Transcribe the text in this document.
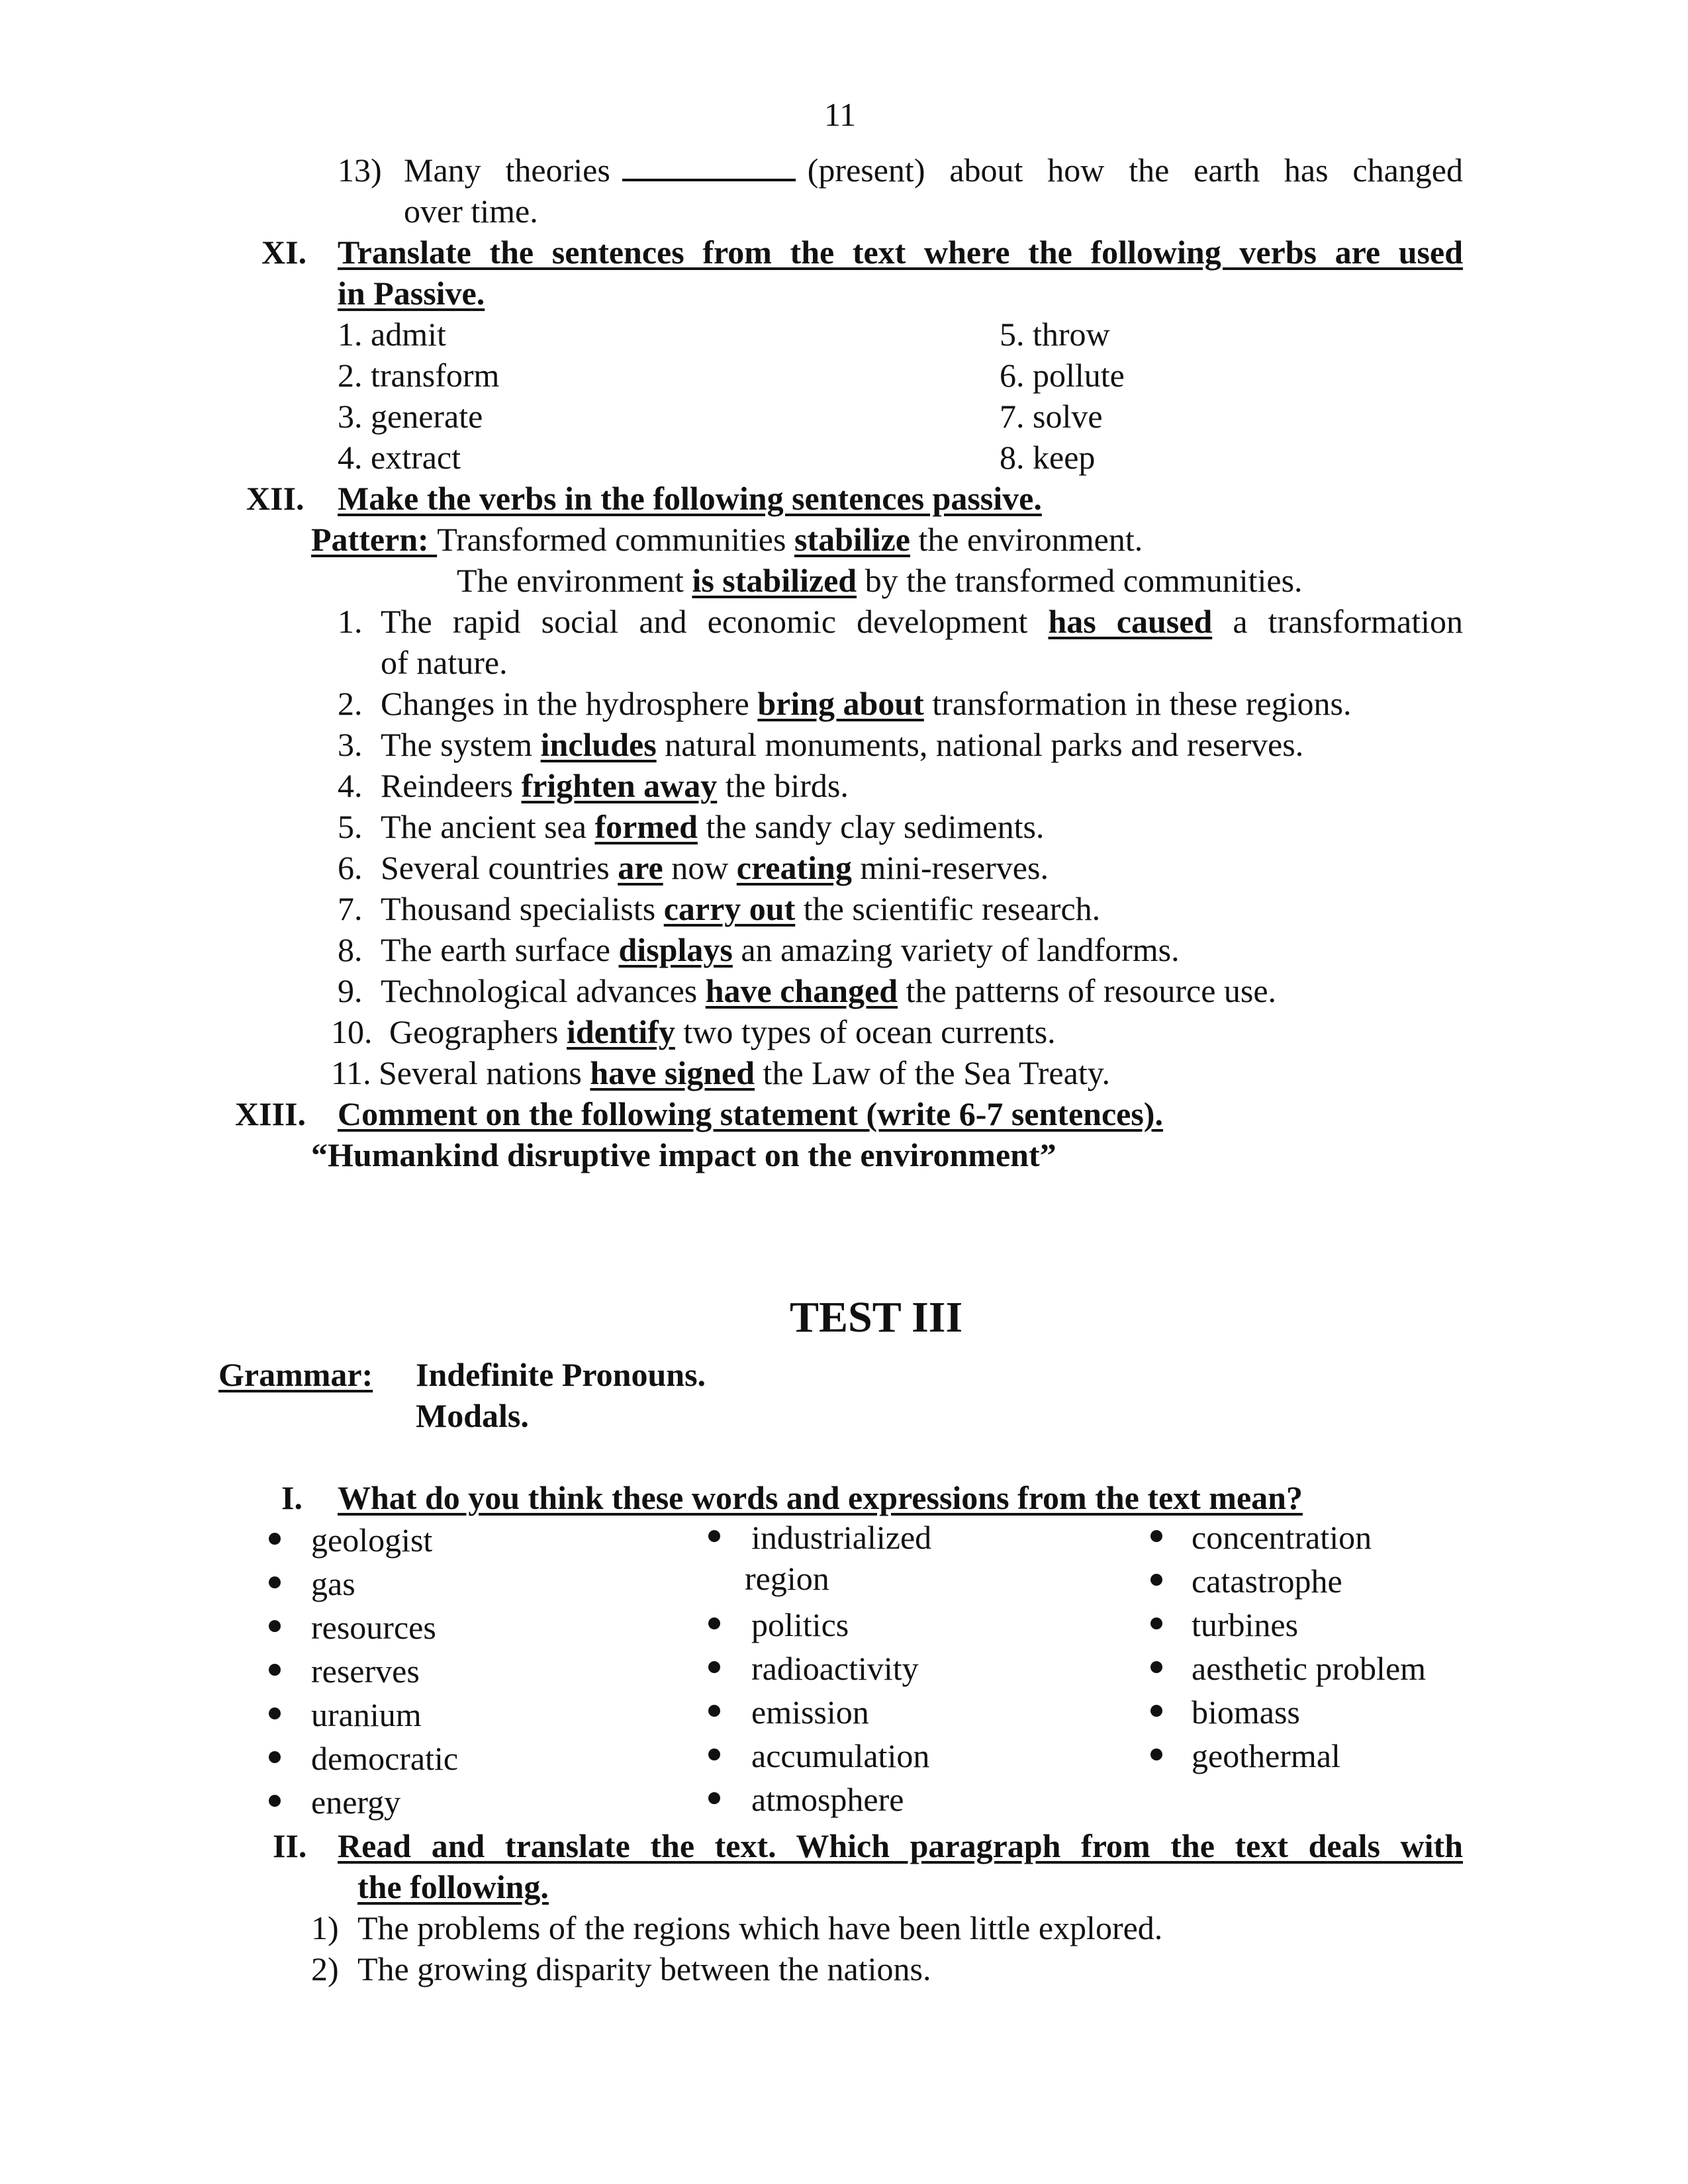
11
13) Many theories	(present) about how the earth has changed
over time.
XI. Translate the sentences from the text where the following verbs are used
in Passive.
1. admit
2. transform
3. generate
4. extract
5. throw
6. pollute
7. solve
8. keep
XII. Make the verbs in the following sentences passive.
Pattern: Transformed communities stabilize the environment.
The environment is stabilized by the transformed communities.
1. The rapid social and economic development has caused a transformation
of nature.
2. Changes in the hydrosphere bring about transformation in these regions.
3. The system includes natural monuments, national parks and reserves.
4. Reindeers frighten away the birds.
5. The ancient sea formed the sandy clay sediments.
6. Several countries are now creating mini-reserves.
7. Thousand specialists carry out the scientific research.
8. The earth surface displays an amazing variety of landforms.
9. Technological advances have changed the patterns of resource use.
10. Geographers identify two types of ocean currents.
11. Several nations have signed the Law of the Sea Treaty.
XIII. Comment on the following statement (write 6-7 sentences).
“Humankind disruptive impact on the environment”
TEST III
Grammar: Indefinite Pronouns.
Modals.
I. What do you think these words and expressions from the text mean?
geologist
gas
resources
reserves
uranium
democratic
energy
industrialized
region
politics
radioactivity
emission
accumulation
atmosphere
concentration
catastrophe
turbines
aesthetic problem
biomass
geothermal
II. Read and translate the text. Which paragraph from the text deals with
the following.
1) The problems of the regions which have been little explored.
2) The growing disparity between the nations.
